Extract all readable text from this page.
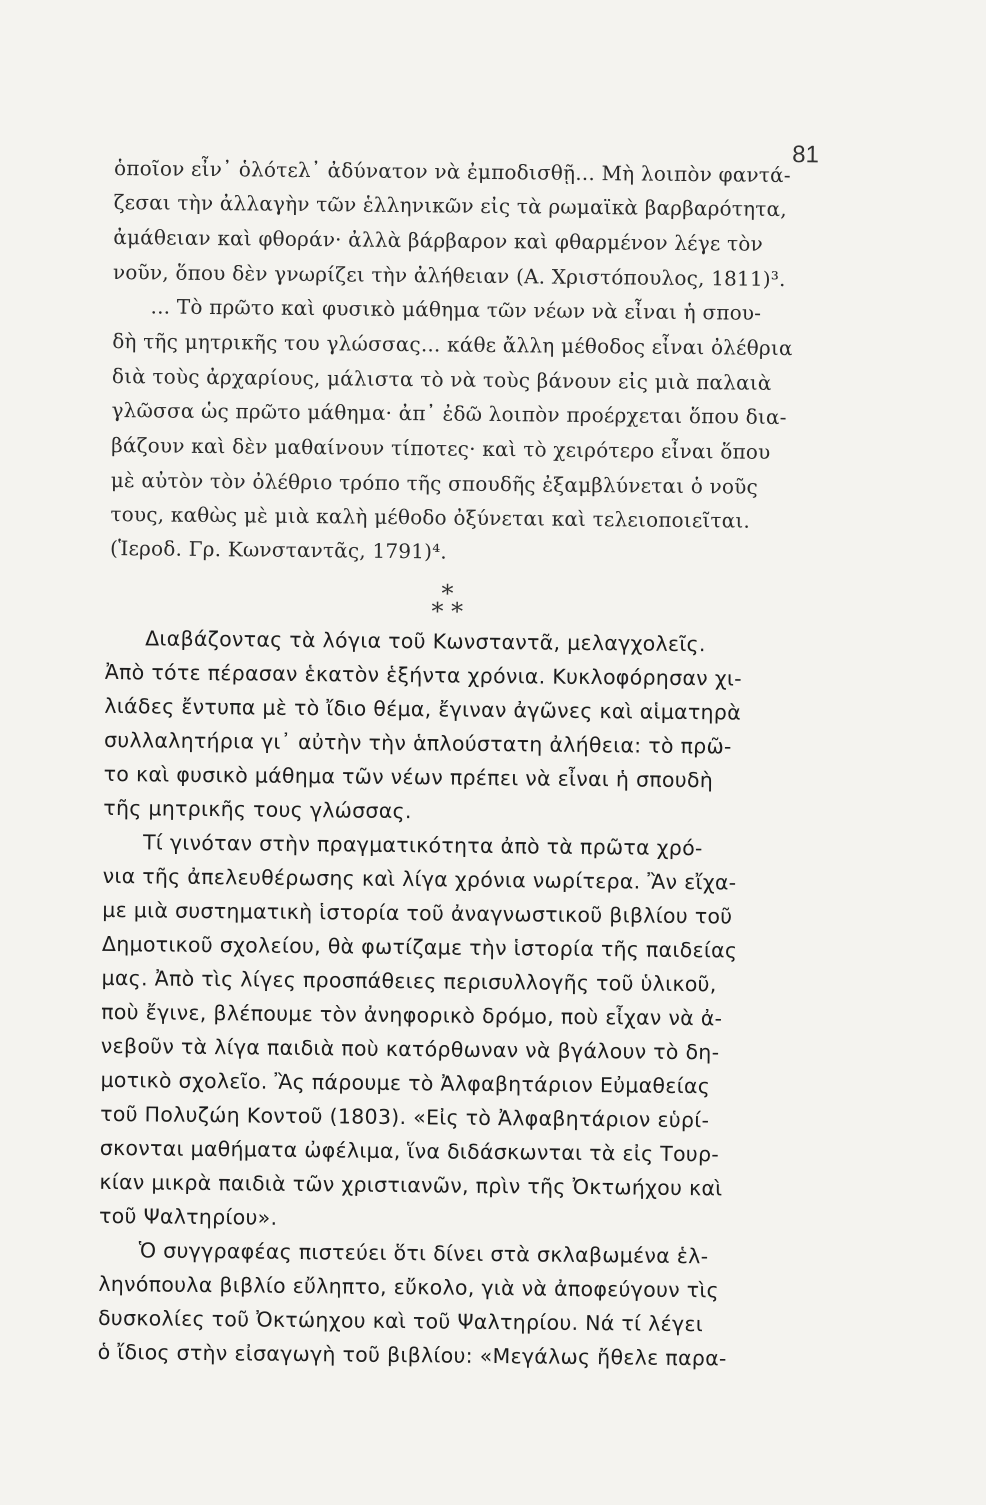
81
ὁποῖον εἶν᾿ ὁλότελ᾿ ἀδύνατον νὰ ἐμποδισθῇ... Μὴ λοιπὸν φαντά-
ζεσαι τὴν ἀλλαγὴν τῶν ἑλληνικῶν εἰς τὰ ρωμαϊκὰ βαρβαρότητα,
ἀμάθειαν καὶ φθοράν· ἀλλὰ βάρβαρον καὶ φθαρμένον λέγε τὸν
νοῦν, ὅπου δὲν γνωρίζει τὴν ἀλήθειαν (Α. Χριστόπουλος, 1811)³.
... Τὸ πρῶτο καὶ φυσικὸ μάθημα τῶν νέων νὰ εἶναι ἡ σπου-
δὴ τῆς μητρικῆς του γλώσσας... κάθε ἄλλη μέθοδος εἶναι ὀλέθρια
διὰ τοὺς ἀρχαρίους, μάλιστα τὸ νὰ τοὺς βάνουν εἰς μιὰ παλαιὰ
γλῶσσα ὡς πρῶτο μάθημα· ἀπ᾿ ἐδῶ λοιπὸν προέρχεται ὅπου δια-
βάζουν καὶ δὲν μαθαίνουν τίποτες· καὶ τὸ χειρότερο εἶναι ὅπου
μὲ αὐτὸν τὸν ὀλέθριο τρόπο τῆς σπουδῆς ἐξαμβλύνεται ὁ νοῦς
τους, καθὼς μὲ μιὰ καλὴ μέθοδο ὀξύνεται καὶ τελειοποιεῖται.
(Ἱεροδ. Γρ. Κωνσταντᾶς, 1791)⁴.
*
* *
Διαβάζοντας τὰ λόγια τοῦ Κωνσταντᾶ, μελαγχολεῖς.
Ἀπὸ τότε πέρασαν ἑκατὸν ἑξήντα χρόνια. Κυκλοφόρησαν χι-
λιάδες ἔντυπα μὲ τὸ ἴδιο θέμα, ἔγιναν ἀγῶνες καὶ αἱματηρὰ
συλλαλητήρια γι᾿ αὐτὴν τὴν ἁπλούστατη ἀλήθεια: τὸ πρῶ-
το καὶ φυσικὸ μάθημα τῶν νέων πρέπει νὰ εἶναι ἡ σπουδὴ
τῆς μητρικῆς τους γλώσσας.
Τί γινόταν στὴν πραγματικότητα ἀπὸ τὰ πρῶτα χρό-
νια τῆς ἀπελευθέρωσης καὶ λίγα χρόνια νωρίτερα. Ἂν εἴχα-
με μιὰ συστηματικὴ ἱστορία τοῦ ἀναγνωστικοῦ βιβλίου τοῦ
Δημοτικοῦ σχολείου, θὰ φωτίζαμε τὴν ἱστορία τῆς παιδείας
μας. Ἀπὸ τὶς λίγες προσπάθειες περισυλλογῆς τοῦ ὑλικοῦ,
ποὺ ἔγινε, βλέπουμε τὸν ἀνηφορικὸ δρόμο, ποὺ εἶχαν νὰ ἀ-
νεβοῦν τὰ λίγα παιδιὰ ποὺ κατόρθωναν νὰ βγάλουν τὸ δη-
μοτικὸ σχολεῖο. Ἂς πάρουμε τὸ Ἀλφαβητάριον Εὐμαθείας
τοῦ Πολυζώη Κοντοῦ (1803). «Εἰς τὸ Ἀλφαβητάριον εὑρί-
σκονται μαθήματα ὠφέλιμα, ἵνα διδάσκωνται τὰ εἰς Τουρ-
κίαν μικρὰ παιδιὰ τῶν χριστιανῶν, πρὶν τῆς Ὀκτωήχου καὶ
τοῦ Ψαλτηρίου».
Ὁ συγγραφέας πιστεύει ὅτι δίνει στὰ σκλαβωμένα ἑλ-
ληνόπουλα βιβλίο εὔληπτο, εὔκολο, γιὰ νὰ ἀποφεύγουν τὶς
δυσκολίες τοῦ Ὀκτώηχου καὶ τοῦ Ψαλτηρίου. Νά τί λέγει
ὁ ἴδιος στὴν εἰσαγωγὴ τοῦ βιβλίου: «Μεγάλως ἤθελε παρα-
